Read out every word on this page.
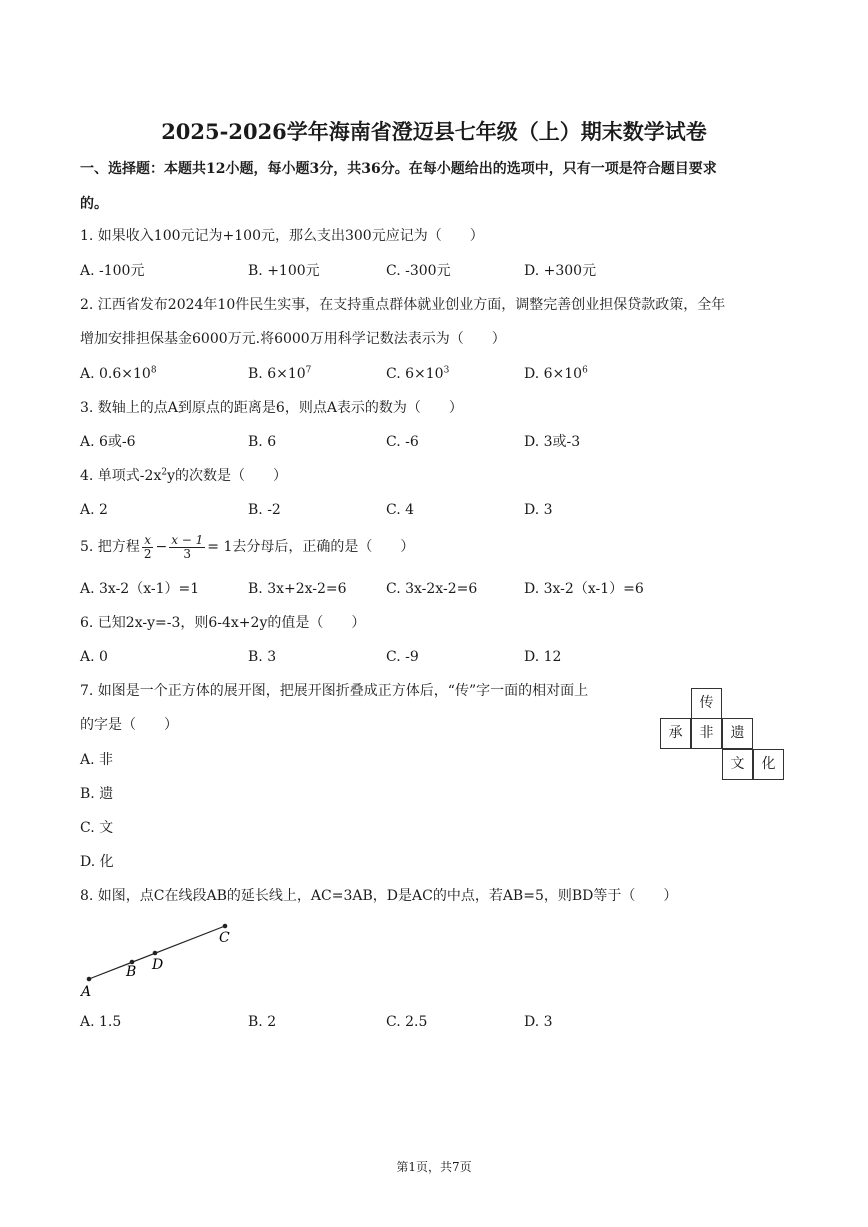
2025-2026学年海南省澄迈县七年级（上）期末数学试卷
一、选择题：本题共12小题，每小题3分，共36分。在每小题给出的选项中，只有一项是符合题目要求
的。
1. 如果收入100元记为+100元，那么支出300元应记为（　　）
A. -100元	B. +100元	C. -300元	D. +300元
2. 江西省发布2024年10件民生实事，在支持重点群体就业创业方面，调整完善创业担保贷款政策，全年
增加安排担保基金6000万元.将6000万用科学记数法表示为（　　）
A. $0.6\times 10^8$	B. $6\times 10^7$	C. $6\times 10^3$	D. $6\times 10^6$
3. 数轴上的点A到原点的距离是6，则点A表示的数为（　　）
A. 6或-6	B. 6	C. -6	D. 3或-3
4. 单项式$-2x^2y$的次数是（　　）
A. 2	B. -2	C. 4	D. 3
5. 把方程 $\frac{x}{2} - \frac{x - 1}{3} = 1$去分母后，正确的是（　　）
A. 3x-2（x-1）=1	B. 3x+2x-2=6	C. 3x-2x-2=6	D. 3x-2（x-1）=6
6. 已知2x-y=-3，则6-4x+2y的值是（　　）
A. 0	B. 3	C. -9	D. 12
7. 如图是一个正方体的展开图，把展开图折叠成正方体后，“传”字一面的相对面上
的字是（　　）
A. 非
B. 遗
C. 文
D. 化
传
承	非	遗
文	化
8. 如图，点C在线段AB的延长线上，AC=3AB，D是AC的中点，若AB=5，则BD等于（　　）
A
B D
C
A. 1.5	B. 2	C. 2.5	D. 3
第1页，共7页
